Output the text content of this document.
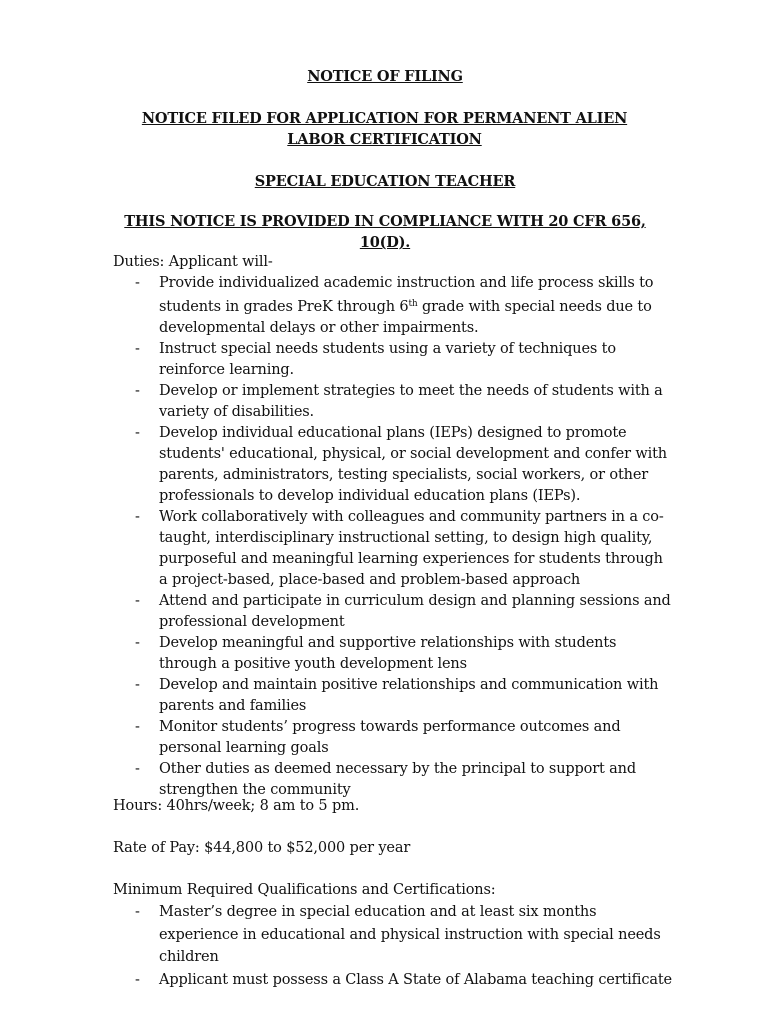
NOTICE OF FILING
NOTICE FILED FOR APPLICATION FOR PERMANENT ALIEN LABOR CERTIFICATION
SPECIAL EDUCATION TEACHER
THIS NOTICE IS PROVIDED IN COMPLIANCE WITH 20 CFR 656, 10(D).
Duties: Applicant will-
- Provide individualized academic instruction and life process skills to students in grades PreK through 6th grade with special needs due to developmental delays or other impairments.
- Instruct special needs students using a variety of techniques to reinforce learning.
- Develop or implement strategies to meet the needs of students with a variety of disabilities.
- Develop individual educational plans (IEPs) designed to promote students' educational, physical, or social development and confer with parents, administrators, testing specialists, social workers, or other professionals to develop individual education plans (IEPs).
- Work collaboratively with colleagues and community partners in a co-taught, interdisciplinary instructional setting, to design high quality, purposeful and meaningful learning experiences for students through a project-based, place-based and problem-based approach
- Attend and participate in curriculum design and planning sessions and professional development
- Develop meaningful and supportive relationships with students through a positive youth development lens
- Develop and maintain positive relationships and communication with parents and families
- Monitor students’ progress towards performance outcomes and personal learning goals
- Other duties as deemed necessary by the principal to support and strengthen the community
Hours: 40hrs/week; 8 am to 5 pm.
Rate of Pay: $44,800 to $52,000 per year
Minimum Required Qualifications and Certifications:
- Master’s degree in special education and at least six months experience in educational and physical instruction with special needs children
- Applicant must possess a Class A State of Alabama teaching certificate
